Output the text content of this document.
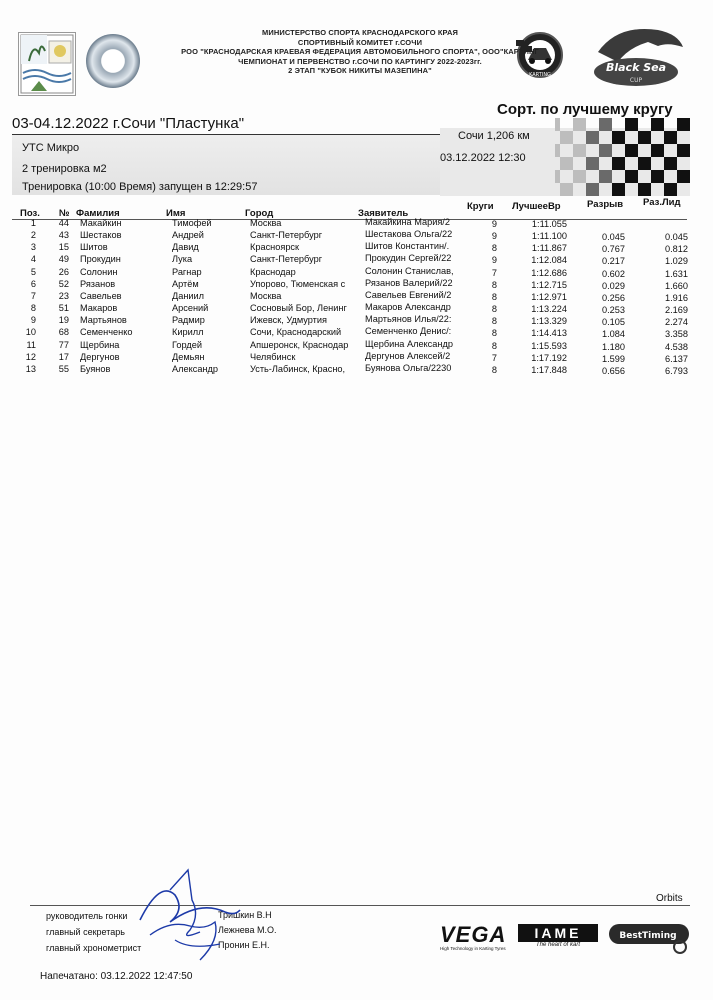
KARTING
Black Sea
CUP
МИНИСТЕРСТВО СПОРТА КРАСНОДАРСКОГО КРАЯ
СПОРТИВНЫЙ КОМИТЕТ г.СОЧИ
РОО "КРАСНОДАРСКАЯ КРАЕВАЯ ФЕДЕРАЦИЯ АВТОМОБИЛЬНОГО СПОРТА", ООО"КАРТИНГ
ЧЕМПИОНАТ И ПЕРВЕНСТВО г.СОЧИ ПО КАРТИНГУ 2022-2023гг.
2 ЭТАП "КУБОК НИКИТЫ МАЗЕПИНА"
03-04.12.2022 г.Сочи "Пластунка"
Сорт. по лучшему кругу
УТС Микро
2 тренировка м2
Тренировка (10:00 Время) запущен в 12:29:57
Сочи 1,206 км
03.12.2022 12:30
Поз. № Фамилия	Имя	Город	Заявитель
Круги ЛучшееВр	Разрыв Раз.Лид
1	44 Макайкин	Тимофей	Москва	Макайкина Мария/2	9	1:11.055
2	43 Шестаков	Андрей	Санкт-Петербург	Шестакова Ольга/22	9	1:11.100	0.045	0.045
3	15 Шитов	Давид	Красноярск	Шитов Константин/.	8	1:11.867	0.767	0.812
4	49 Прокудин	Лука	Санкт-Петербург	Прокудин Сергей/22	9	1:12.084	0.217	1.029
5	26 Солонин	Рагнар	Краснодар	Солонин Станислав,	7	1:12.686	0.602	1.631
6	52 Рязанов	Артём	Упорово, Тюменская с	Рязанов Валерий/22	8	1:12.715	0.029	1.660
7	23 Савельев	Даниил	Москва	Савельев Евгений/2	8	1:12.971	0.256	1.916
8	51 Макаров	Арсений	Сосновый Бор, Ленинг	Макаров Александр	8	1:13.224	0.253	2.169
9	19 Мартьянов	Радмир	Ижевск, Удмуртия	Мартьянов Илья/22:	8	1:13.329	0.105	2.274
10	68 Семенченко	Кирилл	Сочи, Краснодарский	Семенченко Денис/:	8	1:14.413	1.084	3.358
11	77 Щербина	Гордей	Апшеронск, Краснодар	Щербина Александр	8	1:15.593	1.180	4.538
12	17 Дергунов	Демьян	Челябинск	Дергунов Алексей/2	7	1:17.192	1.599	6.137
13	55 Буянов	Александр	Усть-Лабинск, Красно,	Буянова Ольга/2230	8	1:17.848	0.656	6.793
Orbits
руководитель гонки	Тришкин В.Н
главный секретарь	Лежнева М.О.
главный хронометрист	Пронин Е.Н.
Напечатано: 03.12.2022 12:47:50
VEGA
High Technology in Karting Tyres
IAME
The heart of kart
BestTiming
